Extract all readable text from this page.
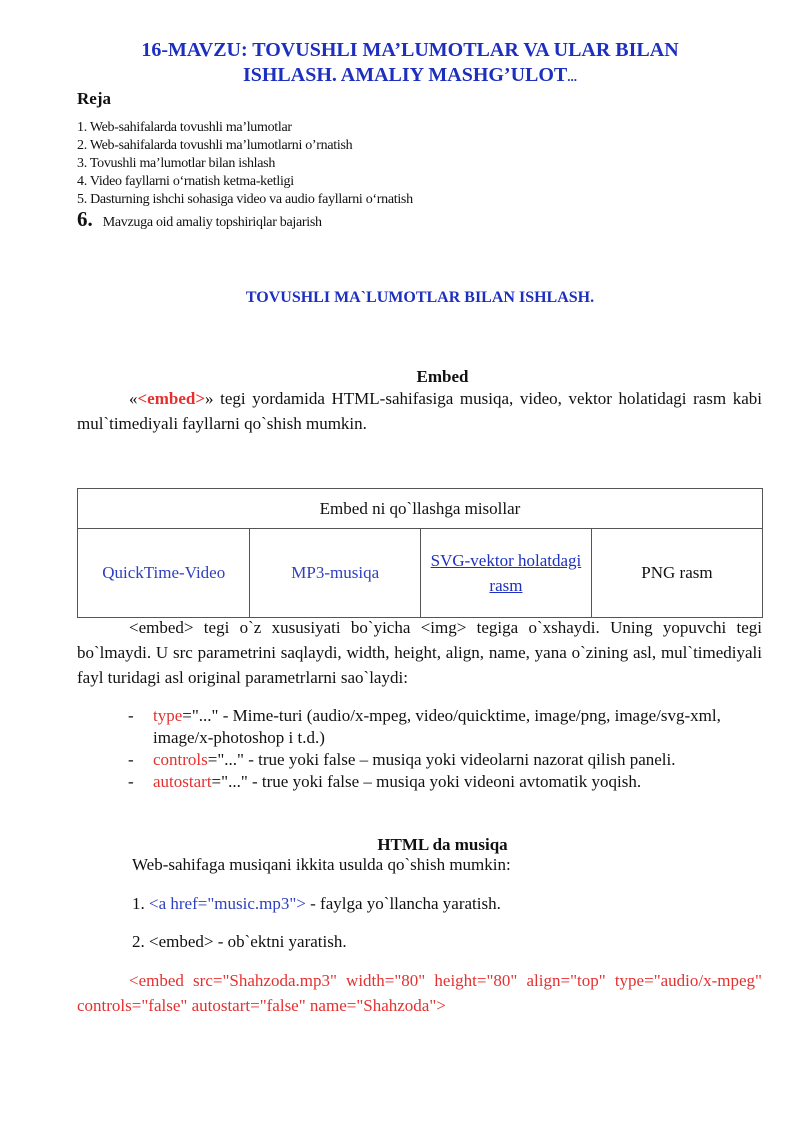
16-MAVZU: TOVUSHLI MA’LUMOTLAR VA ULAR BILAN
ISHLASH. AMALIY MASHG’ULOT...
Reja
1. Web-sahifalarda tovushli ma’lumotlar
2. Web-sahifalarda tovushli ma’lumotlarni o’rnatish
3. Tovushli ma’lumotlar bilan ishlash
4. Video fayllarni o‘rnatish ketma-ketligi
5. Dasturning ishchi sohasiga video va audio fayllarni o‘rnatish
6. Mavzuga oid amaliy topshiriqlar bajarish
TOVUSHLI MA`LUMOTLAR BILAN ISHLASH.
Embed
«<embed>» tegi yordamida HTML-sahifasiga musiqa, video, vektor holatidagi rasm kabi mul`timediyali fayllarni qo`shish mumkin.
Embed ni qo`llashga misollar
QuickTime-Video	MP3-musiqa	SVG-vektor holatdagi rasm	PNG rasm
<embed> tegi o`z xususiyati bo`yicha <img> tegiga o`xshaydi. Uning yopuvchi tegi bo`lmaydi. U src parametrini saqlaydi, width, height, align, name, yana o`zining asl, mul`timediyali fayl turidagi asl original parametrlarni sao`laydi:
- type="..." - Mime-turi (audio/x-mpeg, video/quicktime, image/png, image/svg-xml, image/x-photoshop i t.d.)
- controls="..." - true yoki false – musiqa yoki videolarni nazorat qilish paneli.
- autostart="..." - true yoki false – musiqa yoki videoni avtomatik yoqish.
HTML da musiqa
Web-sahifaga musiqani ikkita usulda qo`shish mumkin:
1. <a href="music.mp3"> - faylga yo`llancha yaratish.
2. <embed> - ob`ektni yaratish.
<embed src="Shahzoda.mp3" width="80" height="80" align="top" type="audio/x-mpeg" controls="false" autostart="false" name="Shahzoda">
